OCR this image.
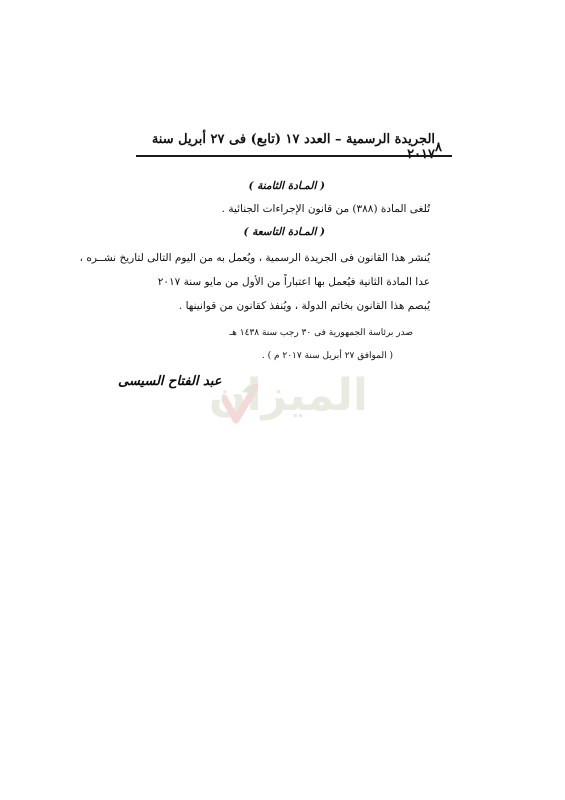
٨
الجريدة الرسمية – العدد ١٧ (تابع) فى ٢٧ أبريل سنة ٢٠١٧
( المـادة الثامنة )
تُلغى المادة (٣٨٨) من قانون الإجراءات الجنائية .
( المـادة التاسعة )
يُنشر هذا القانون فى الجريدة الرسمية ، ويُعمل به من اليوم التالى لتاريخ نشــره ،
عدا المادة الثانية فيُعمل بها اعتباراً من الأول من مايو سنة ٢٠١٧
يُبصم هذا القانون بخاتم الدولة ، ويُنفذ كقانون من قوانينها .
صدر برئاسة الجمهورية فى ٣٠ رجب سنة ١٤٣٨ هـ
( الموافق ٢٧ أبريل سنة ٢٠١٧ م ) .
الميزان
عبد الفتاح السيسى
